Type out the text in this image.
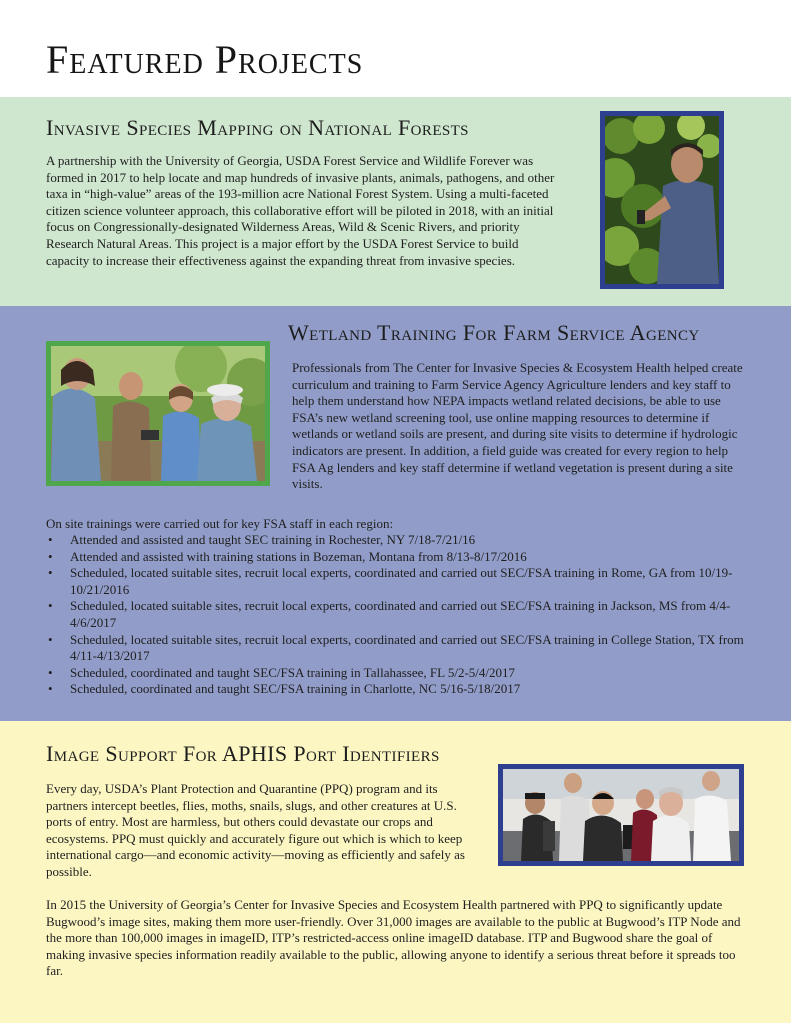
Featured Projects
Invasive Species Mapping on National Forests

A partnership with the University of Georgia, USDA Forest Service and Wildlife Forever was formed in 2017 to help locate and map hundreds of invasive plants, animals, pathogens, and other taxa in “high-value” areas of the 193-million acre National Forest System. Using a multi-faceted citizen science volunteer approach, this collaborative effort will be piloted in 2018, with an initial focus on Congressionally-designated Wilderness Areas, Wild & Scenic Rivers, and priority Research Natural Areas. This project is a major effort by the USDA Forest Service to build capacity to increase their effectiveness against the expanding threat from invasive species.

Wetland Training For Farm Service Agency

Professionals from The Center for Invasive Species & Ecosystem Health helped create curriculum and training to Farm Service Agency Agriculture lenders and key staff to help them understand how NEPA impacts wetland related decisions, be able to use FSA’s new wetland screening tool, use online mapping resources to determine if wetlands or wetland soils are present, and during site visits to determine if hydrologic indicators are present. In addition, a field guide was created for every region to help FSA Ag lenders and key staff determine if wetland vegetation is present during a site visits.

On site trainings were carried out for key FSA staff in each region:

• Attended and assisted and taught SEC training in Rochester, NY 7/18-7/21/16
• Attended and assisted with training stations in Bozeman, Montana from 8/13-8/17/2016
• Scheduled, located suitable sites, recruit local experts, coordinated and carried out SEC/FSA training in Rome, GA from 10/19-10/21/2016
• Scheduled, located suitable sites, recruit local experts, coordinated and carried out SEC/FSA training in Jackson, MS from 4/4-4/6/2017
• Scheduled, located suitable sites, recruit local experts, coordinated and carried out SEC/FSA training in College Station, TX from 4/11-4/13/2017
• Scheduled, coordinated and taught SEC/FSA training in Tallahassee, FL 5/2-5/4/2017
• Scheduled, coordinated and taught SEC/FSA training in Charlotte, NC 5/16-5/18/2017
Image Support For APHIS Port Identifiers

Every day, USDA’s Plant Protection and Quarantine (PPQ) program and its partners intercept beetles, flies, moths, snails, slugs, and other creatures at U.S. ports of entry. Most are harmless, but others could devastate our crops and ecosystems. PPQ must quickly and accurately figure out which is which to keep international cargo—and economic activity—moving as efficiently and safely as possible.

In 2015 the University of Georgia’s Center for Invasive Species and Ecosystem Health partnered with PPQ to significantly update Bugwood’s image sites, making them more user-friendly. Over 31,000 images are available to the public at Bugwood’s ITP Node and the more than 100,000 images in imageID, ITP’s restricted-access online imageID database. ITP and Bugwood share the goal of making invasive species information readily available to the public, allowing anyone to identify a serious threat before it spreads too far.
